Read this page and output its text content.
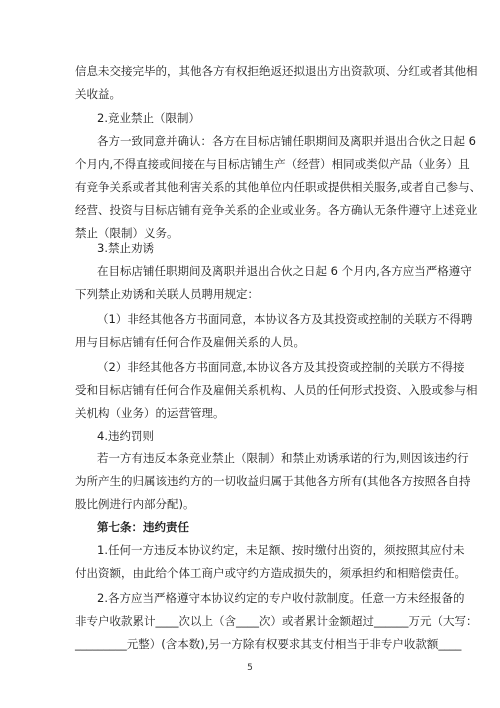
信息未交接完毕的，其他各方有权拒绝返还拟退出方出资款项、分红或者其他相
关收益。
2.竞业禁止（限制）
各方一致同意并确认：各方在目标店铺任职期间及离职并退出合伙之日起 6
个月内,不得直接或间接在与目标店铺生产（经营）相同或类似产品（业务）且
有竞争关系或者其他利害关系的其他单位内任职或提供相关服务,或者自己参与、
经营、投资与目标店铺有竞争关系的企业或业务。各方确认无条件遵守上述竞业
禁止（限制）义务。
3.禁止劝诱
在目标店铺任职期间及离职并退出合伙之日起 6 个月内,各方应当严格遵守
下列禁止劝诱和关联人员聘用规定：
（1）非经其他各方书面同意，本协议各方及其投资或控制的关联方不得聘
用与目标店铺有任何合作及雇佣关系的人员。
（2）非经其他各方书面同意,本协议各方及其投资或控制的关联方不得接
受和目标店铺有任何合作及雇佣关系机构、人员的任何形式投资、入股或参与相
关机构（业务）的运营管理。
4.违约罚则
若一方有违反本条竞业禁止（限制）和禁止劝诱承诺的行为,则因该违约行
为所产生的归属该违约方的一切收益归属于其他各方所有(其他各方按照各自持
股比例进行内部分配)。
第七条：违约责任
1.任何一方违反本协议约定，未足额、按时缴付出资的，须按照其应付未
付出资额，由此给个体工商户或守约方造成损失的，须承担约和相赔偿责任。
2.各方应当严格遵守本协议约定的专户收付款制度。任意一方未经报备的
非专户收款累计____次以上（含____次）或者累计金额超过______万元（大写：
_________元整）(含本数),另一方除有权要求其支付相当于非专户收款额____
5
